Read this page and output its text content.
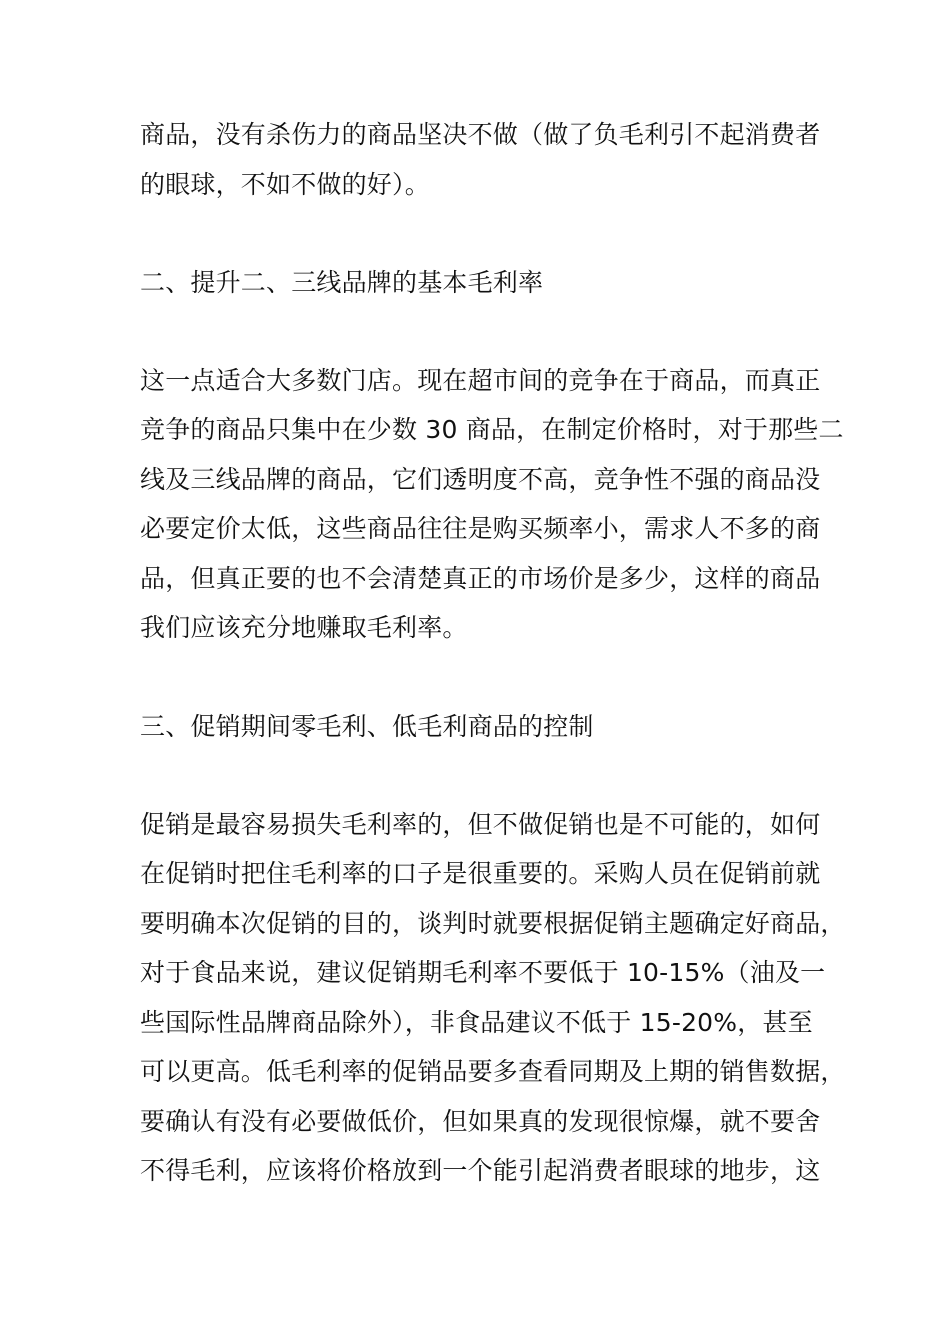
商品，没有杀伤力的商品坚决不做（做了负毛利引不起消费者
的眼球，不如不做的好）。
二、提升二、三线品牌的基本毛利率
这一点适合大多数门店。现在超市间的竞争在于商品，而真正
竞争的商品只集中在少数 30 商品，在制定价格时，对于那些二
线及三线品牌的商品，它们透明度不高，竞争性不强的商品没
必要定价太低，这些商品往往是购买频率小，需求人不多的商
品，但真正要的也不会清楚真正的市场价是多少，这样的商品
我们应该充分地赚取毛利率。
三、促销期间零毛利、低毛利商品的控制
促销是最容易损失毛利率的，但不做促销也是不可能的，如何
在促销时把住毛利率的口子是很重要的。采购人员在促销前就
要明确本次促销的目的，谈判时就要根据促销主题确定好商品，
对于食品来说，建议促销期毛利率不要低于 10-15%（油及一
些国际性品牌商品除外），非食品建议不低于 15-20%，甚至
可以更高。低毛利率的促销品要多查看同期及上期的销售数据，
要确认有没有必要做低价，但如果真的发现很惊爆，就不要舍
不得毛利，应该将价格放到一个能引起消费者眼球的地步，这
